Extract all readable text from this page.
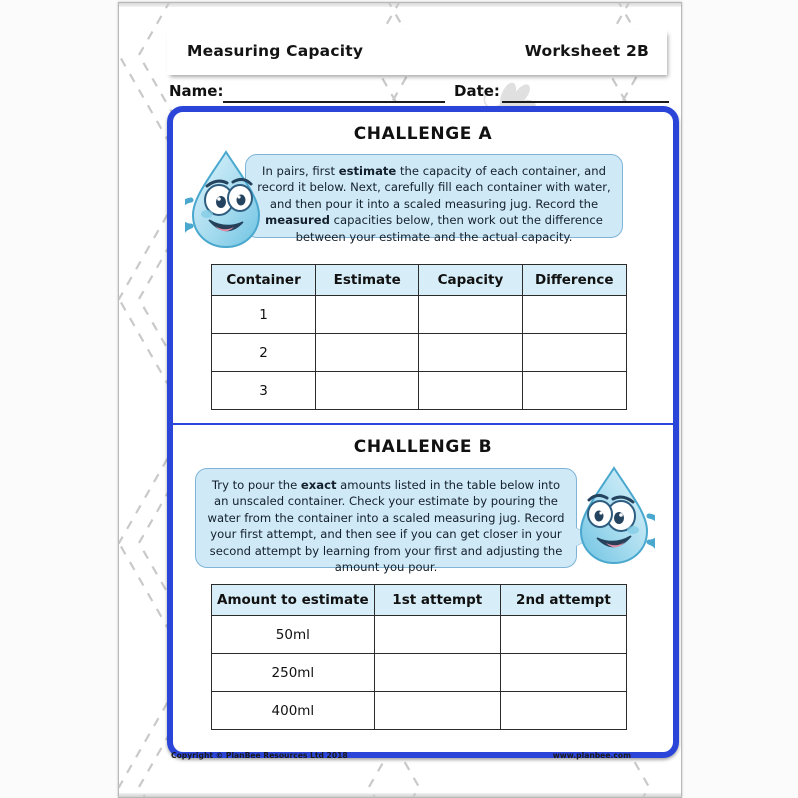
Measuring Capacity	Worksheet 2B
Name:	Date:
CHALLENGE A
In pairs, first estimate the capacity of each container, and record it below. Next, carefully fill each container with water, and then pour it into a scaled measuring jug. Record the measured capacities below, then work out the difference between your estimate and the actual capacity.
Container	Estimate	Capacity	Difference
1			
2			
3			
CHALLENGE B
Try to pour the exact amounts listed in the table below into an unscaled container. Check your estimate by pouring the water from the container into a scaled measuring jug. Record your first attempt, and then see if you can get closer in your second attempt by learning from your first and adjusting the amount you pour.
Amount to estimate	1st attempt	2nd attempt
50ml		
250ml		
400ml		
Copyright © PlanBee Resources Ltd 2018	www.planbee.com
